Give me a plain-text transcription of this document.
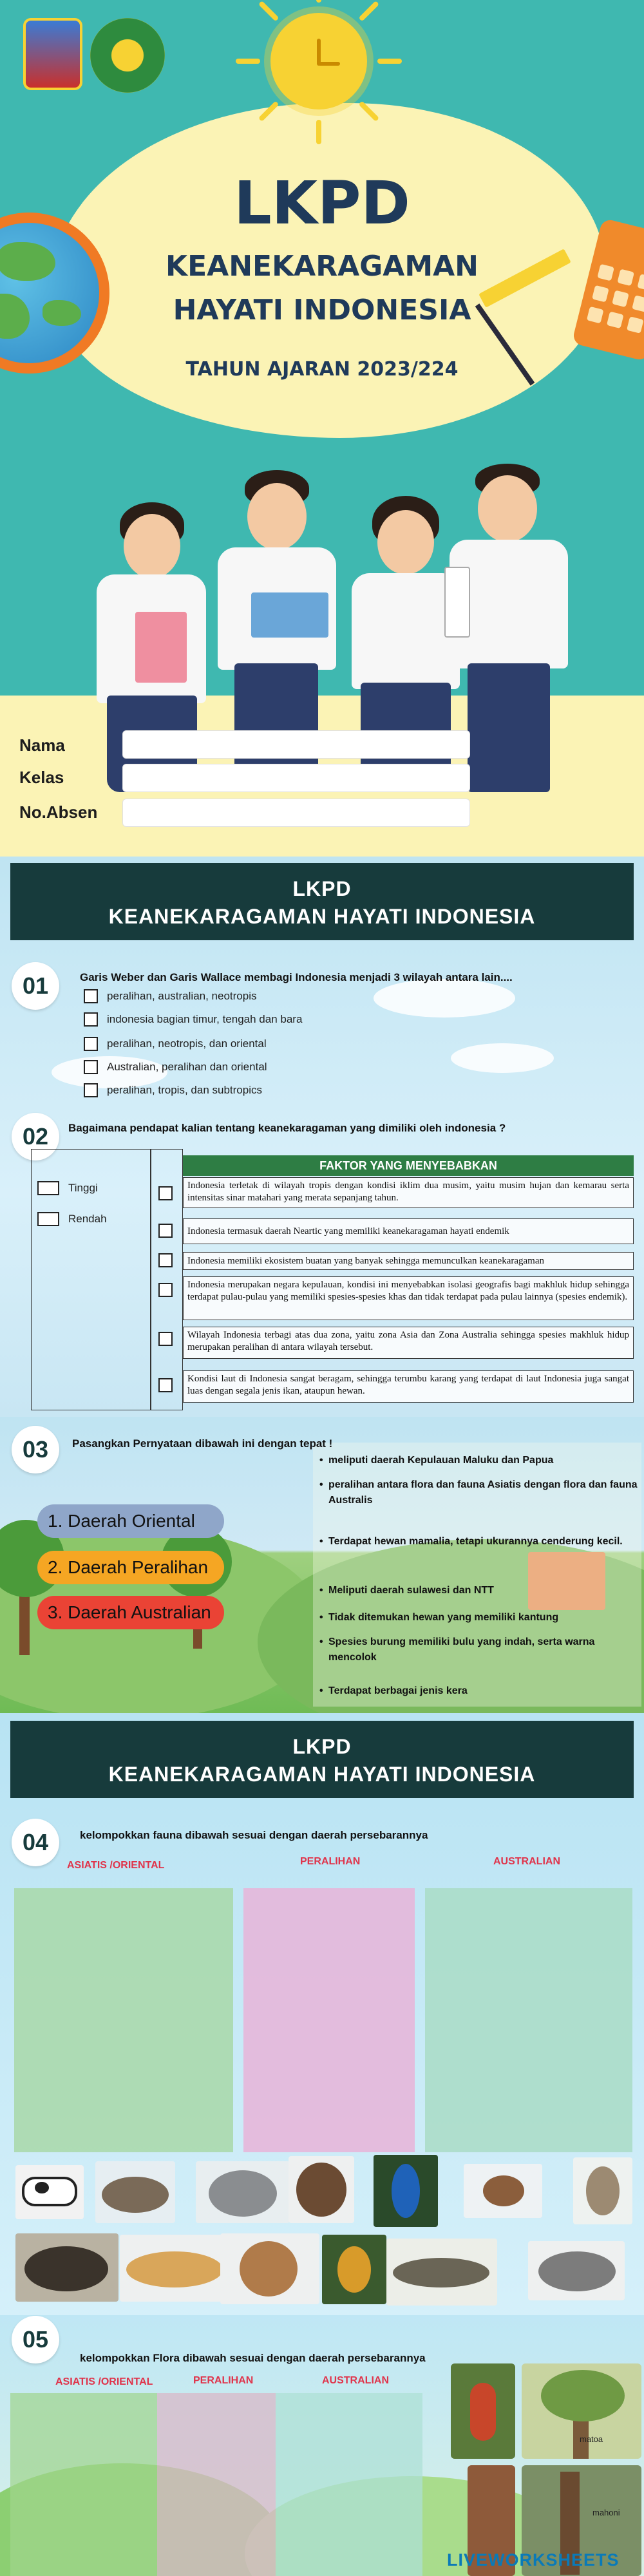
LKPD
KEANEKARAGAMAN
HAYATI INDONESIA
TAHUN AJARAN 2023/224
Nama
Kelas
No.Absen
LKPD
KEANEKARAGAMAN HAYATI INDONESIA
01	Garis Weber dan Garis Wallace membagi Indonesia menjadi 3 wilayah antara lain....
peralihan, australian, neotropis
indonesia bagian timur, tengah dan bara
peralihan, neotropis, dan oriental
Australian, peralihan dan oriental
peralihan, tropis, dan subtropics
02	Bagaimana pendapat kalian tentang keanekaragaman yang dimiliki oleh indonesia ?
Tinggi
Rendah
FAKTOR YANG MENYEBABKAN
Indonesia terletak di wilayah tropis dengan kondisi iklim dua musim, yaitu musim hujan dan kemarau serta intensitas sinar matahari yang merata sepanjang tahun.
Indonesia termasuk daerah Neartic yang memiliki keanekaragaman hayati endemik
Indonesia memiliki ekosistem buatan yang banyak sehingga memunculkan keanekaragaman
Indonesia merupakan negara kepulauan, kondisi ini menyebabkan isolasi geografis bagi makhluk hidup sehingga terdapat pulau-pulau yang memiliki spesies-spesies khas dan tidak terdapat pada pulau lainnya (spesies endemik).
Wilayah Indonesia terbagi atas dua zona, yaitu zona Asia dan Zona Australia sehingga spesies makhluk hidup merupakan peralihan di antara wilayah tersebut.
Kondisi laut di Indonesia sangat beragam, sehingga terumbu karang yang terdapat di laut Indonesia juga sangat luas dengan segala jenis ikan, ataupun hewan.
03	Pasangkan Pernyataan dibawah ini dengan tepat !
1. Daerah Oriental
2. Daerah Peralihan
3. Daerah Australian
• meliputi daerah Kepulauan Maluku dan Papua
• peralihan antara flora dan fauna Asiatis dengan flora dan fauna Australis
• Terdapat hewan mamalia, tetapi ukurannya cenderung kecil.
• Meliputi daerah sulawesi dan NTT
• Tidak ditemukan hewan yang memiliki kantung
• Spesies burung memiliki bulu yang indah, serta warna mencolok
• Terdapat berbagai jenis kera
LKPD
KEANEKARAGAMAN HAYATI INDONESIA
04	kelompokkan fauna dibawah sesuai dengan daerah persebarannya
ASIATIS /ORIENTAL	PERALIHAN	AUSTRALIAN
05
kelompokkan Flora dibawah sesuai dengan daerah persebarannya
ASIATIS /ORIENTAL	PERALIHAN	AUSTRALIAN
matoa
mahoni
LIVEWORKSHEETS
